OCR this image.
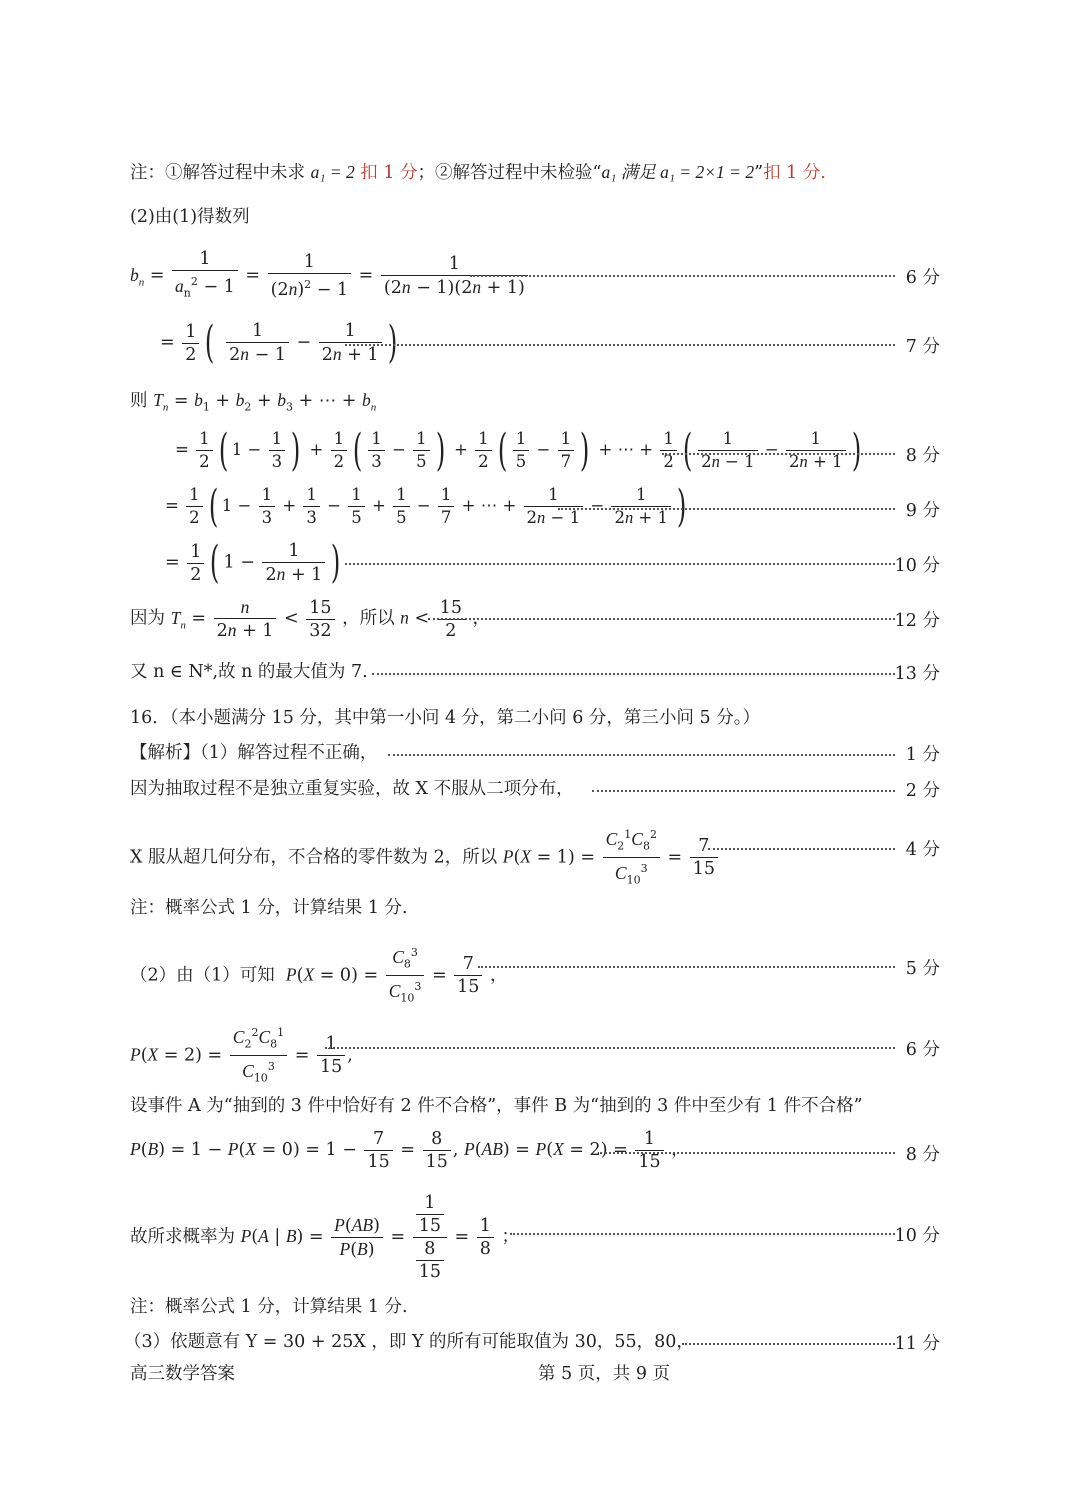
注：①解答过程中未求 a₁ = 2 扣 1 分；②解答过程中未检验“a₁ 满足 a₁ = 2×1 = 2”扣 1 分.
(2)由(1)得数列
$b_n = \frac{1}{a_n^2 - 1} = \frac{1}{(2n)^2 - 1} = \frac{1}{(2n - 1)(2n + 1)}$	6 分
= $\frac{1}{2}$ ( $\frac{1}{2n - 1} - \frac{1}{2n + 1}$ )	7 分
则 $T_n = b_1 + b_2 + b_3$ + ⋯ + $b_n$
= $\frac{1}{2}$ ( $1 - \frac{1}{3}$ ) + $\frac{1}{2}$ ( $\frac{1}{3} - \frac{1}{5}$ ) + $\frac{1}{2}$ ( $\frac{1}{5} - \frac{1}{7}$ ) + ⋯ + $\frac{1}{2}$ ( $\frac{1}{2n - 1} - \frac{1}{2n + 1}$ )	8 分
= $\frac{1}{2}$ ( $1 - \frac{1}{3} + \frac{1}{3} - \frac{1}{5} + \frac{1}{5} - \frac{1}{7}$ + ⋯ + $\frac{1}{2n - 1} - \frac{1}{2n + 1}$ )	9 分
= $\frac{1}{2}$ ( $1 - \frac{1}{2n + 1}$ )	10 分
因为 $T_n = \frac{n}{2n + 1} < \frac{15}{32}$ ，所以 $n < \frac{15}{2}$ ，	12 分
又 n ∈ N*,故 n 的最大值为 7.	13 分
16．（本小题满分 15 分，其中第一小问 4 分，第二小问 6 分，第三小问 5 分。）
【解析】（1）解答过程不正确，	1 分
因为抽取过程不是独立重复实验，故 X 不服从二项分布，	2 分
X 服从超几何分布，不合格的零件数为 2，所以 $P(X = 1) = \frac{C_2^1C_8^2}{C_{10}^3} = \frac{7}{15}$	4 分
注：概率公式 1 分，计算结果 1 分.
（2）由（1）可知  $P(X = 0) = \frac{C_8^3}{C_{10}^3} = \frac{7}{15}$ ，	5 分
$P(X = 2) = \frac{C_2^2C_8^1}{C_{10}^3} = \frac{1}{15}$ ,	6 分
设事件 A 为“抽到的 3 件中恰好有 2 件不合格”，事件 B 为“抽到的 3 件中至少有 1 件不合格”
$P(B) = 1 - P(X = 0) = 1 - \frac{7}{15} = \frac{8}{15}$ , $P(AB) = P(X = 2) = \frac{1}{15}$ ，	8 分
故所求概率为 P(A | $B) = \frac{P(AB)}{P(B)} = \frac{\frac{1}{15}}{\frac{8}{15}} = \frac{1}{8}$ ；	10 分
注：概率公式 1 分，计算结果 1 分.
（3）依题意有 Y = 30 + 25X ，即 Y 的所有可能取值为 30，55，80，	11 分
高三数学答案	第 5 页，共 9 页
